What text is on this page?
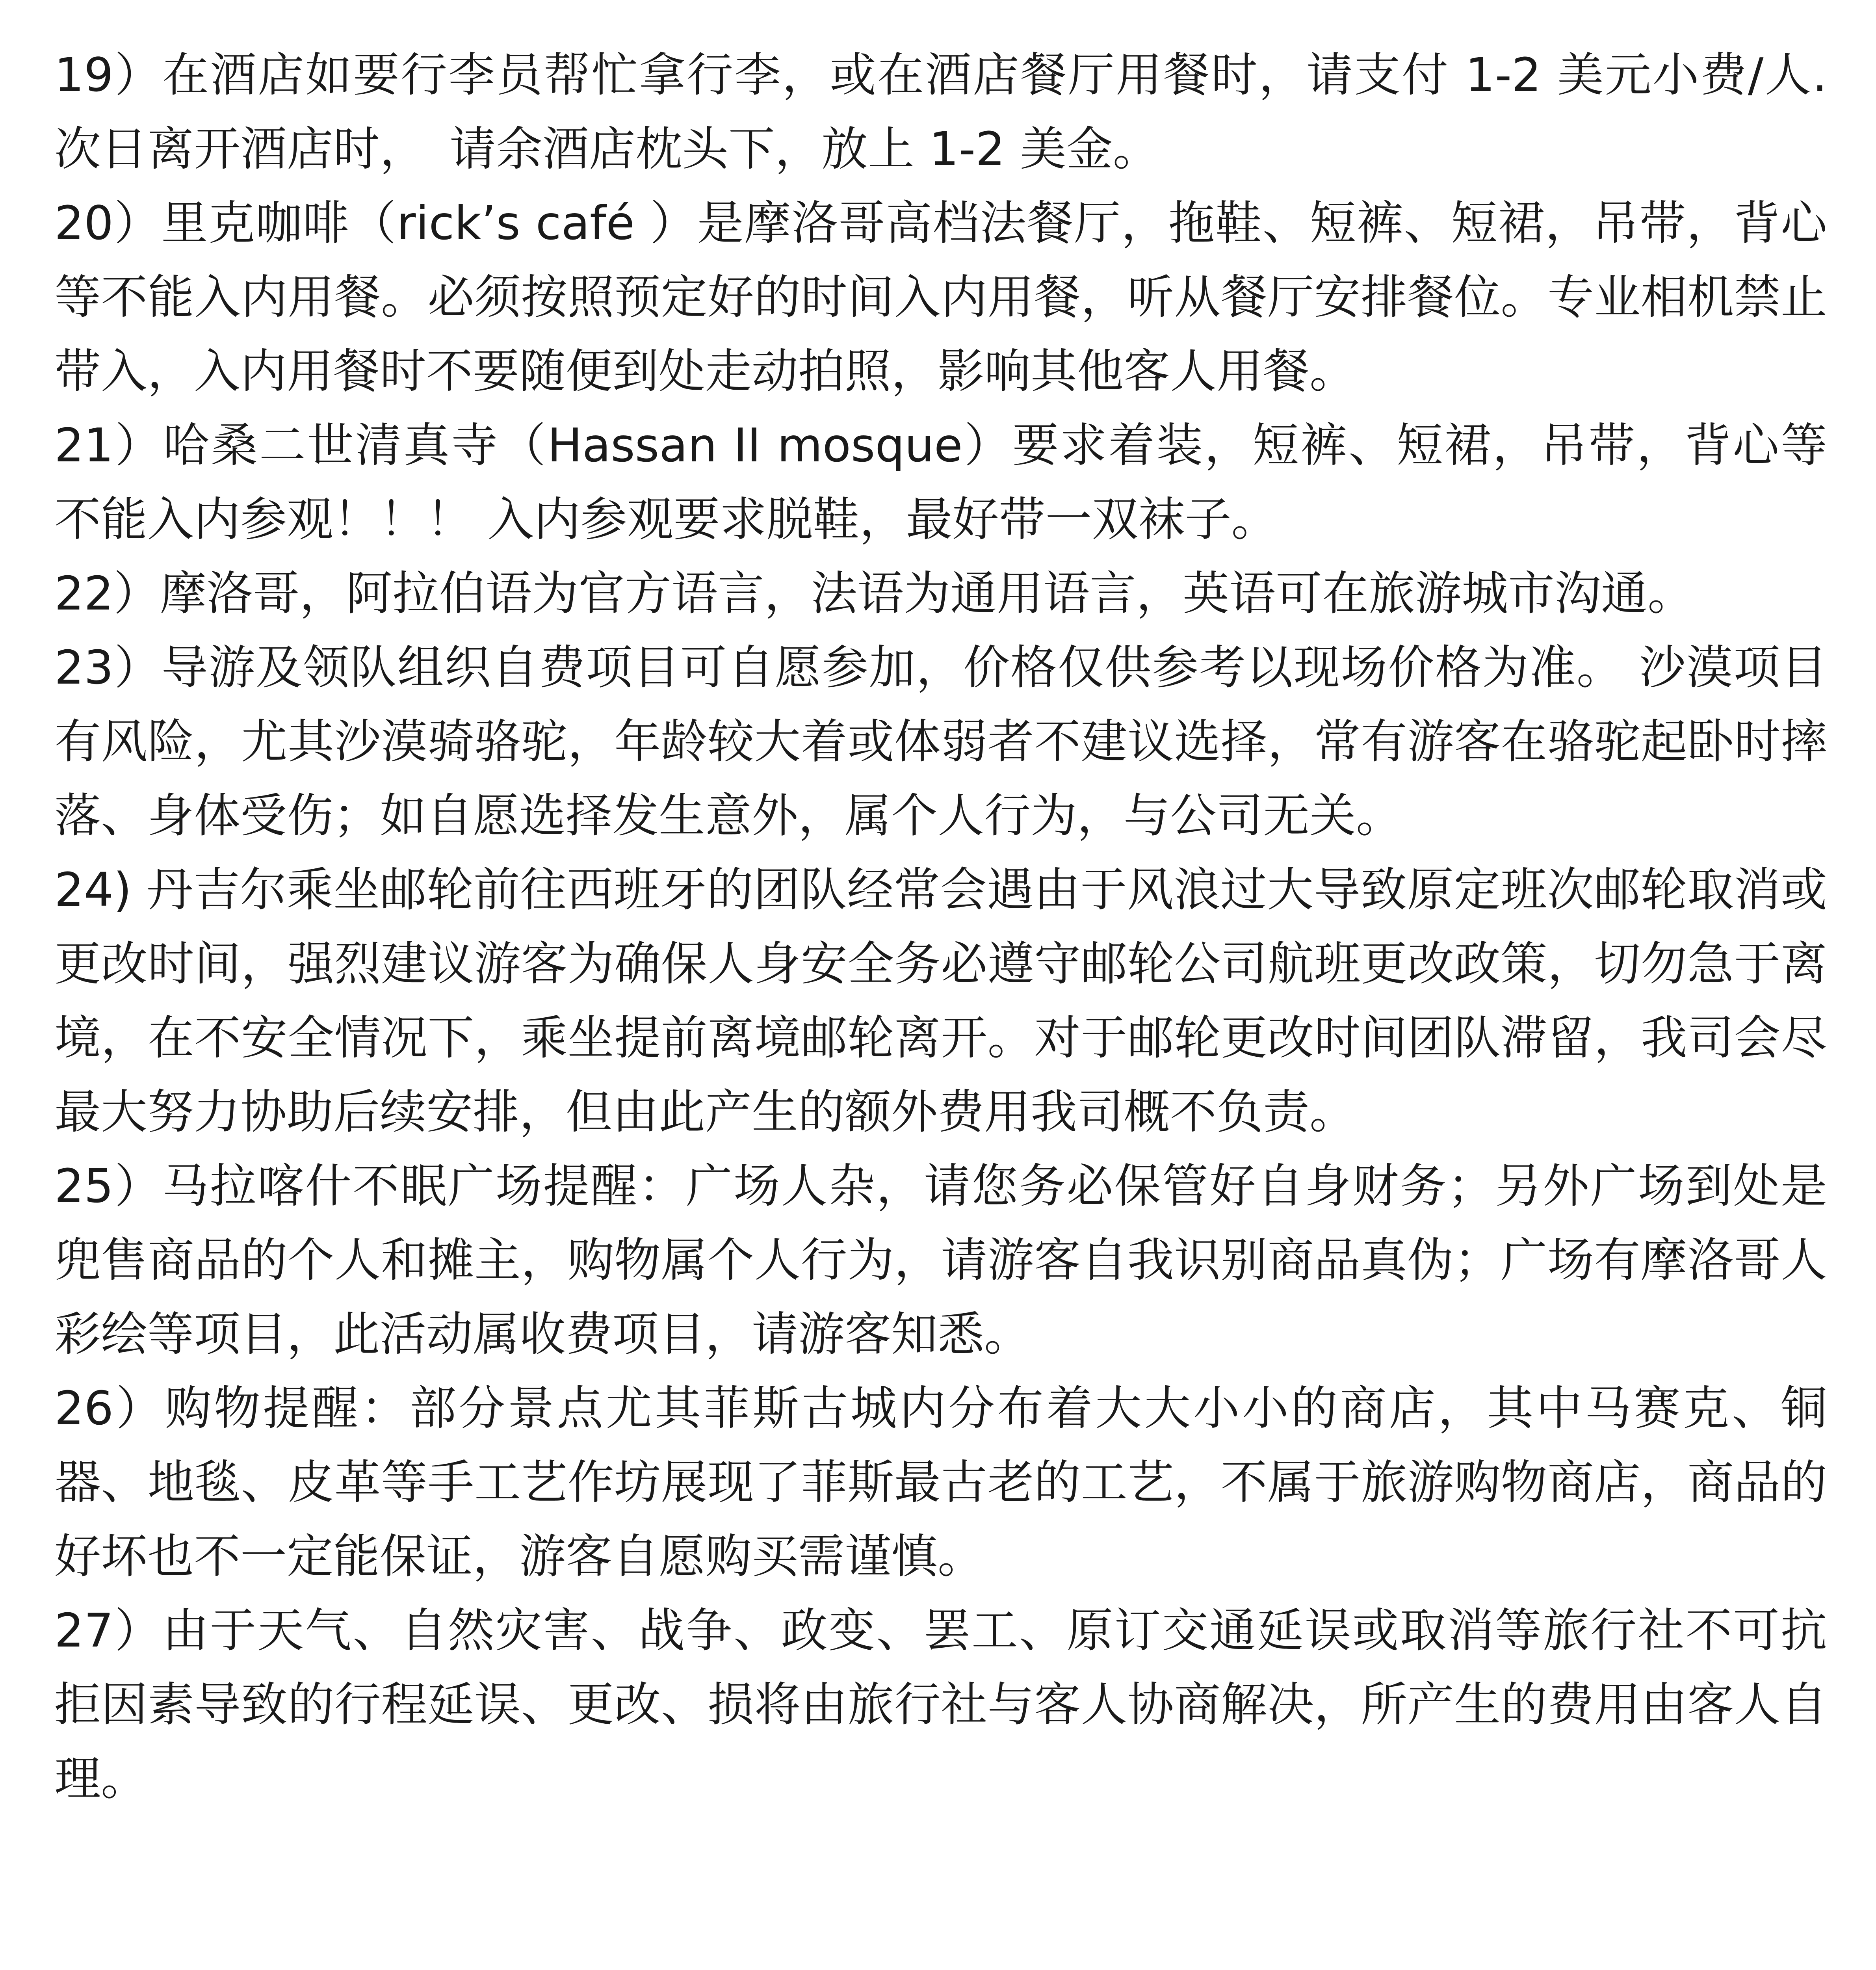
19）在酒店如要行李员帮忙拿行李，或在酒店餐厅用餐时，请支付 1-2 美元小费/人.次日离开酒店时，　请余酒店枕头下，放上 1-2 美金。

20）里克咖啡（rick’s café ）是摩洛哥高档法餐厅，拖鞋、短裤、短裙，吊带，背心等不能入内用餐。必须按照预定好的时间入内用餐，听从餐厅安排餐位。专业相机禁止带入，入内用餐时不要随便到处走动拍照，影响其他客人用餐。

21）哈桑二世清真寺（Hassan II mosque）要求着装，短裤、短裙，吊带，背心等不能入内参观！！！ 入内参观要求脱鞋，最好带一双袜子。

22）摩洛哥，阿拉伯语为官方语言，法语为通用语言，英语可在旅游城市沟通。

23）导游及领队组织自费项目可自愿参加，价格仅供参考以现场价格为准。 沙漠项目有风险，尤其沙漠骑骆驼，年龄较大着或体弱者不建议选择，常有游客在骆驼起卧时摔落、身体受伤；如自愿选择发生意外，属个人行为，与公司无关。

24) 丹吉尔乘坐邮轮前往西班牙的团队经常会遇由于风浪过大导致原定班次邮轮取消或更改时间，强烈建议游客为确保人身安全务必遵守邮轮公司航班更改政策，切勿急于离境，在不安全情况下，乘坐提前离境邮轮离开。对于邮轮更改时间团队滞留，我司会尽最大努力协助后续安排，但由此产生的额外费用我司概不负责。

25）马拉喀什不眠广场提醒：广场人杂，请您务必保管好自身财务；另外广场到处是兜售商品的个人和摊主，购物属个人行为，请游客自我识别商品真伪；广场有摩洛哥人彩绘等项目，此活动属收费项目，请游客知悉。

26）购物提醒：部分景点尤其菲斯古城内分布着大大小小的商店，其中马赛克、铜器、地毯、皮革等手工艺作坊展现了菲斯最古老的工艺，不属于旅游购物商店，商品的好坏也不一定能保证，游客自愿购买需谨慎。

27）由于天气、自然灾害、战争、政变、罢工、原订交通延误或取消等旅行社不可抗拒因素导致的行程延误、更改、损将由旅行社与客人协商解决，所产生的费用由客人自理。
